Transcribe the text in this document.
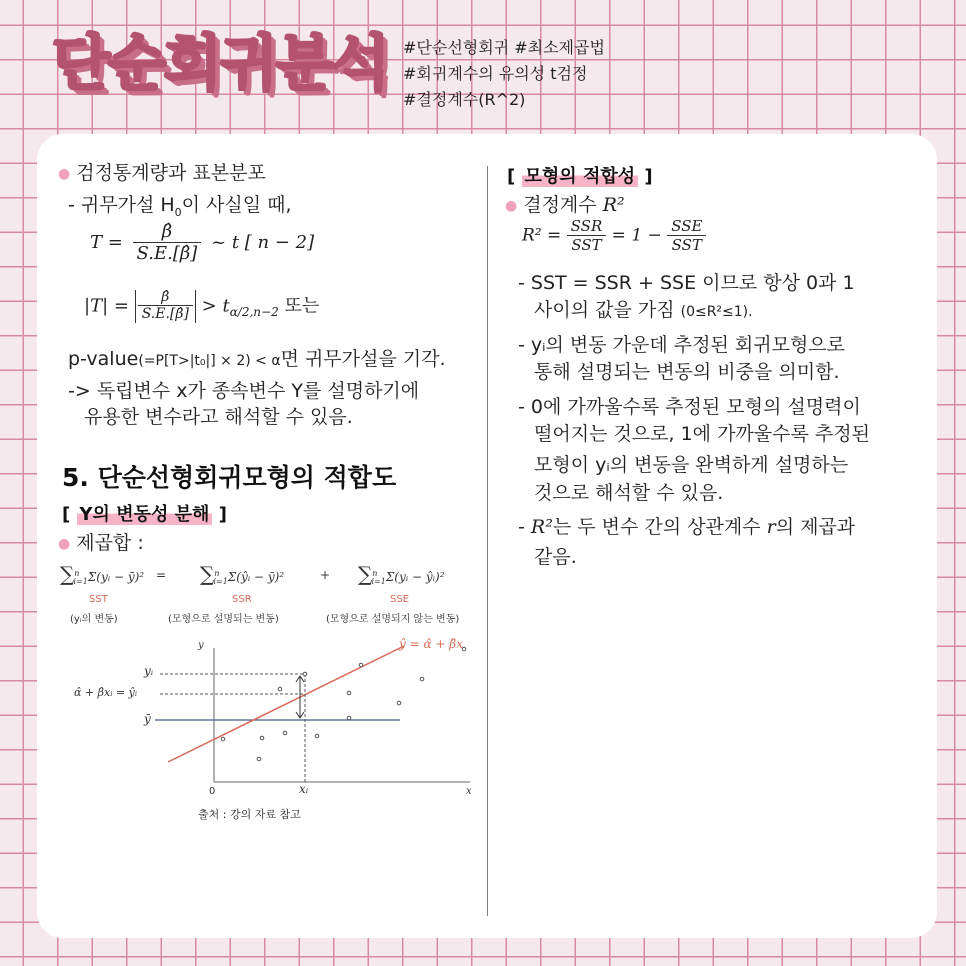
단순회귀분석 #단순선형회귀 #최소제곱법
#회귀계수의 유의성 t검정
#결정계수(R^2)
● 검정통계량과 표본분포
- 귀무가설 $H_0$이 사실일 때,
$T = \frac{\betâ}{S.E.[\betâ]}$ ~ t [ n − 2]
$|T| = \frac{\betâ}{S.E.[\betâ]} > t_{\alpha/2,n-2}$ 또는
p-value(=P[T>|t₀|] × 2) < α면 귀무가설을 기각.
-> 독립변수 x가 종속변수 Y를 설명하기에
유용한 변수라고 해석할 수 있음.
5. 단순선형회귀모형의 적합도
[ Y의 변동성 분해 ]
● 제곱합 :
∑$^n_{i=1}$Σ(yᵢ − ȳ)² = ∑$^n_{i=1}$Σ(ŷᵢ − ȳ)²	+ ∑$^n_{i=1}$Σ(yᵢ − ŷᵢ)²
SST	SSR	SSE
(yᵢ의 변동)	(모형으로 설명되는 변동)	(모형으로 설명되지 않는 변동)
y
x
0
yᵢ
α̂ + β̂xᵢ = ŷᵢ
ȳ
xᵢ
ŷ = α̂ + β̂x
출처 : 강의 자료 참고
[ 모형의 적합성 ]
● 결정계수 R²
$R^2 = \frac{\text{SSR}}{\text{SST}} = 1 - \frac{\text{SSE}}{\text{SST}}$
- SST = SSR + SSE 이므로 항상 0과 1
사이의 값을 가짐 (0≤R²≤1).
- yᵢ의 변동 가운데 추정된 회귀모형으로
통해 설명되는 변동의 비중을 의미함.
- 0에 가까울수록 추정된 모형의 설명력이
떨어지는 것으로, 1에 가까울수록 추정된
모형이 yᵢ의 변동을 완벽하게 설명하는
것으로 해석할 수 있음.
- R²는 두 변수 간의 상관계수 r의 제곱과
같음.
